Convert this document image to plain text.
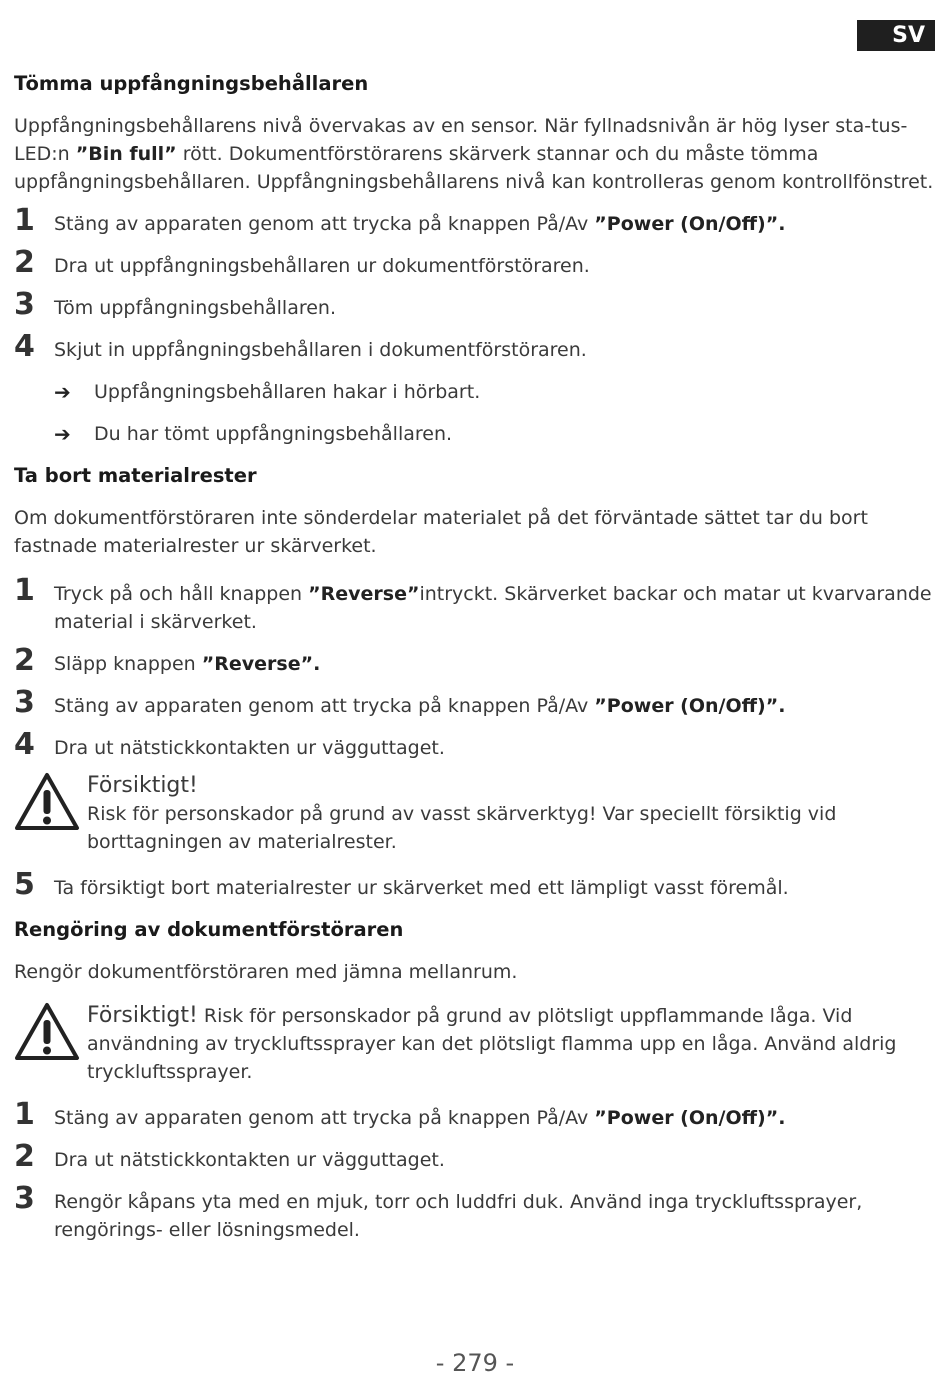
SV
Tömma uppfångningsbehållaren

Uppfångningsbehållarens nivå övervakas av en sensor. När fyllnadsnivån är hög lyser sta-tus-LED:n ”Bin full” rött. Dokumentförstörarens skärverk stannar och du måste tömma uppfångningsbehållaren. Uppfångningsbehållarens nivå kan kontrolleras genom kontrollfönstret.

1	Stäng av apparaten genom att trycka på knappen På/Av ”Power (On/Off)”.
2	Dra ut uppfångningsbehållaren ur dokumentförstöraren.
3	Töm uppfångningsbehållaren.
4	Skjut in uppfångningsbehållaren i dokumentförstöraren.
➔	Uppfångningsbehållaren hakar i hörbart.
➔	Du har tömt uppfångningsbehållaren.
Ta bort materialrester

Om dokumentförstöraren inte sönderdelar materialet på det förväntade sättet tar du bort fastnade materialrester ur skärverket.

1	Tryck på och håll knappen ”Reverse”intryckt. Skärverket backar och matar ut kvarvarande material i skärverket.
2	Släpp knappen ”Reverse”.
3	Stäng av apparaten genom att trycka på knappen På/Av ”Power (On/Off)”.
4	Dra ut nätstickkontakten ur vägguttaget.
Försiktigt!
Risk för personskador på grund av vasst skärverktyg! Var speciellt försiktig vid borttagningen av materialrester.
5	Ta försiktigt bort materialrester ur skärverket med ett lämpligt vasst föremål.
Rengöring av dokumentförstöraren

Rengör dokumentförstöraren med jämna mellanrum.

Försiktigt! Risk för personskador på grund av plötsligt uppflammande låga. Vid användning av tryckluftssprayer kan det plötsligt flamma upp en låga. Använd aldrig tryckluftssprayer.
1	Stäng av apparaten genom att trycka på knappen På/Av ”Power (On/Off)”.
2	Dra ut nätstickkontakten ur vägguttaget.
3	Rengör kåpans yta med en mjuk, torr och luddfri duk. Använd inga tryckluftssprayer, rengörings- eller lösningsmedel.
- 279 -
